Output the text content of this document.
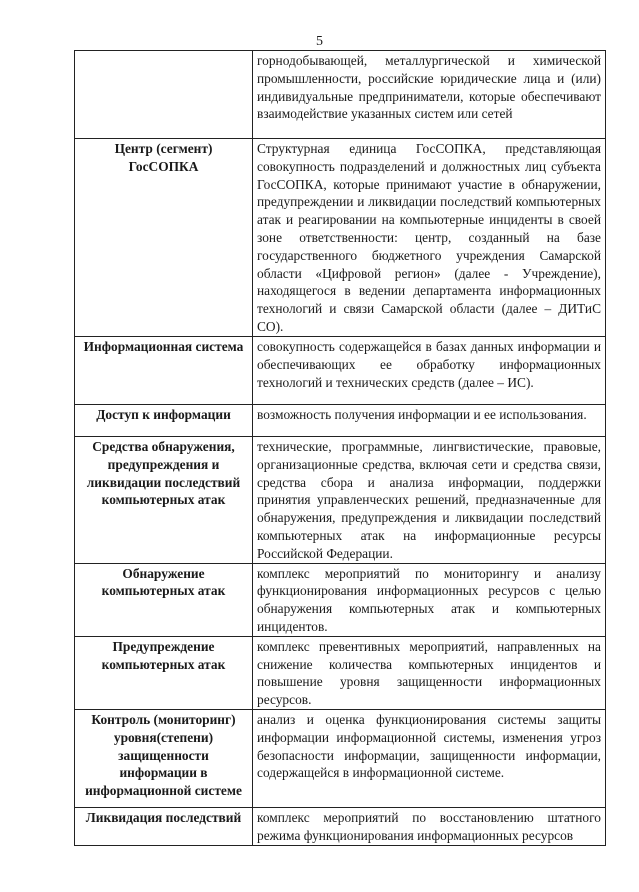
5
	горнодобывающей, металлургической и химической промышленности, российские юридические лица и (или) индивидуальные предприниматели, которые обеспечивают взаимодействие указанных систем или сетей
Центр (сегмент) ГосСОПКА	Структурная единица ГосСОПКА, представляющая совокупность подразделений и должностных лиц субъекта ГосСОПКА, которые принимают участие в обнаружении, предупреждении и ликвидации последствий компьютерных атак и реагировании на компьютерные инциденты в своей зоне ответственности: центр, созданный на базе государственного бюджетного учреждения Самарской области «Цифровой регион» (далее - Учреждение), находящегося в ведении департамента информационных технологий и связи Самарской области (далее – ДИТиС СО).
Информационная система	совокупность содержащейся в базах данных информации и обеспечивающих ее обработку информационных технологий и технических средств (далее – ИС).
Доступ к информации	возможность получения информации и ее использования.
Средства обнаружения, предупреждения и ликвидации последствий компьютерных атак	технические, программные, лингвистические, правовые, организационные средства, включая сети и средства связи, средства сбора и анализа информации, поддержки принятия управленческих решений, предназначенные для обнаружения, предупреждения и ликвидации последствий компьютерных атак на информационные ресурсы Российской Федерации.
Обнаружение компьютерных атак	комплекс мероприятий по мониторингу и анализу функционирования информационных ресурсов с целью обнаружения компьютерных атак и компьютерных инцидентов.
Предупреждение компьютерных атак	комплекс превентивных мероприятий, направленных на снижение количества компьютерных инцидентов и повышение уровня защищенности информационных ресурсов.
Контроль (мониторинг) уровня(степени) защищенности информации в информационной системе	анализ и оценка функционирования системы защиты информации информационной системы, изменения угроз безопасности информации, защищенности информации, содержащейся в информационной системе.
Ликвидация последствий	комплекс мероприятий по восстановлению штатного режима функционирования информационных ресурсов
